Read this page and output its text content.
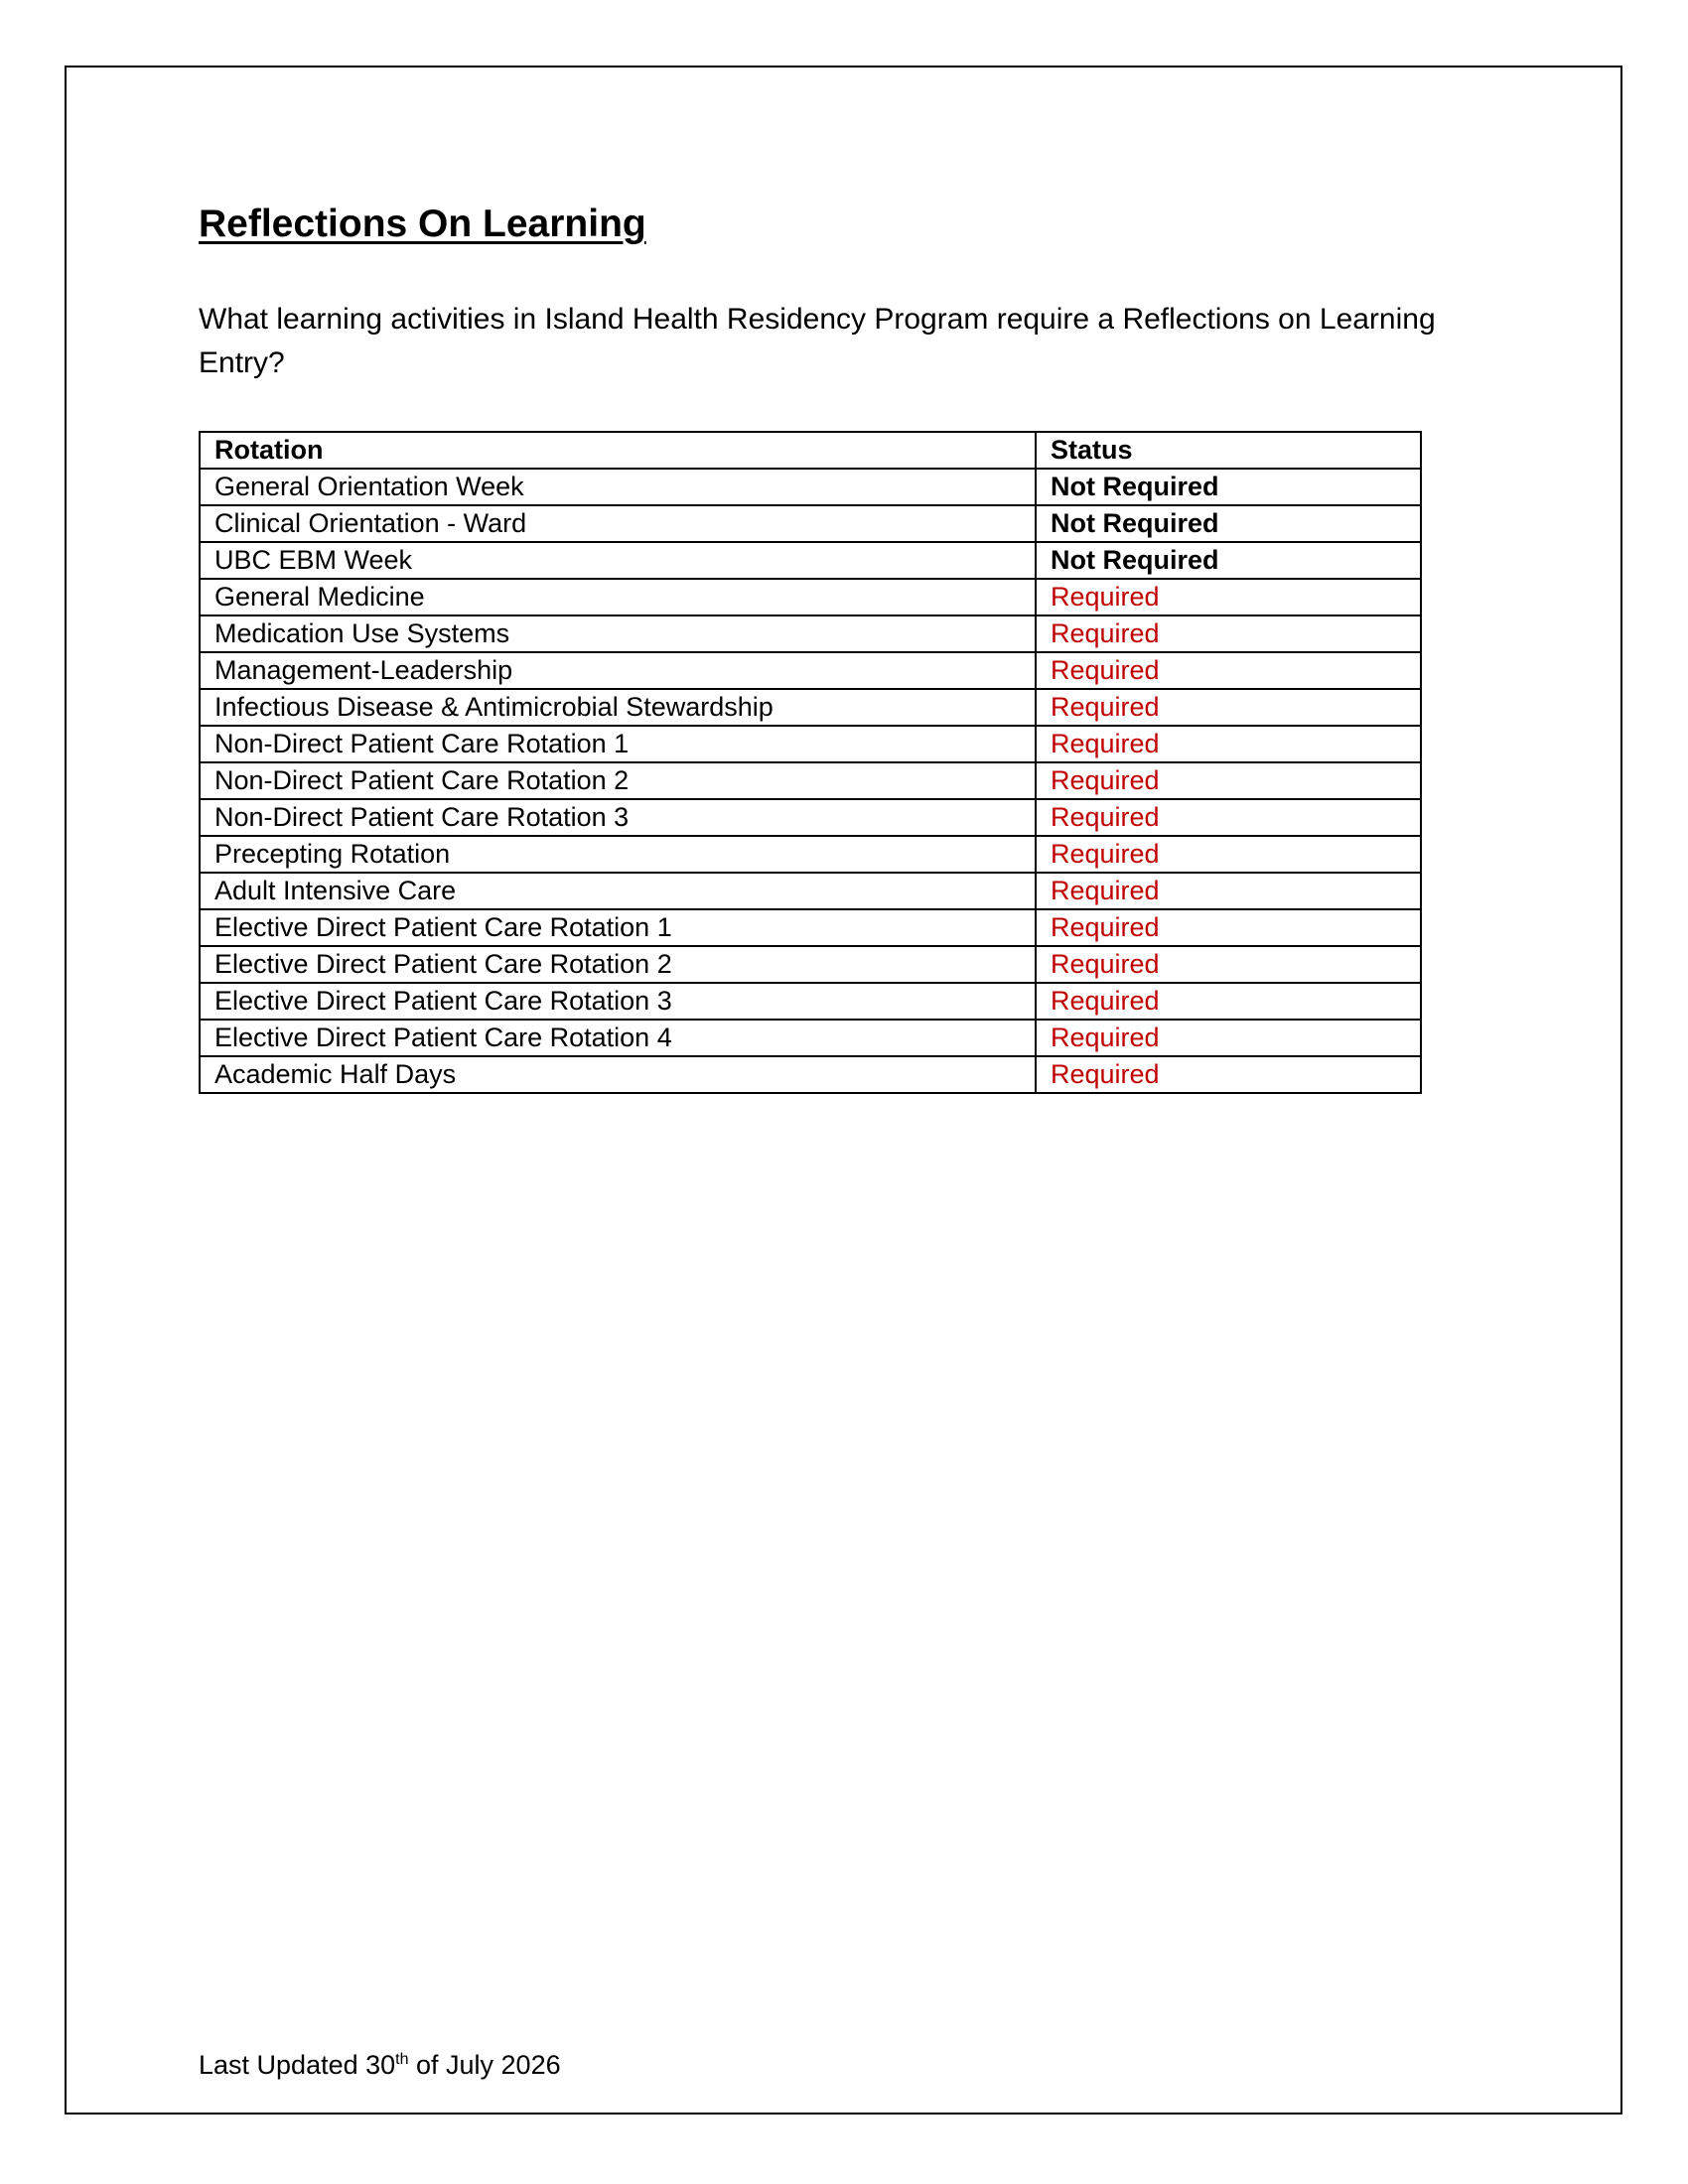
Reflections On Learning

What learning activities in Island Health Residency Program require a Reflections on Learning Entry?

Rotation	Status
General Orientation Week	Not Required
Clinical Orientation - Ward	Not Required
UBC EBM Week	Not Required
General Medicine	Required
Medication Use Systems	Required
Management-Leadership	Required
Infectious Disease & Antimicrobial Stewardship	Required
Non-Direct Patient Care Rotation 1	Required
Non-Direct Patient Care Rotation 2	Required
Non-Direct Patient Care Rotation 3	Required
Precepting Rotation	Required
Adult Intensive Care	Required
Elective Direct Patient Care Rotation 1	Required
Elective Direct Patient Care Rotation 2	Required
Elective Direct Patient Care Rotation 3	Required
Elective Direct Patient Care Rotation 4	Required
Academic Half Days	Required

Last Updated 30th of July 2026
